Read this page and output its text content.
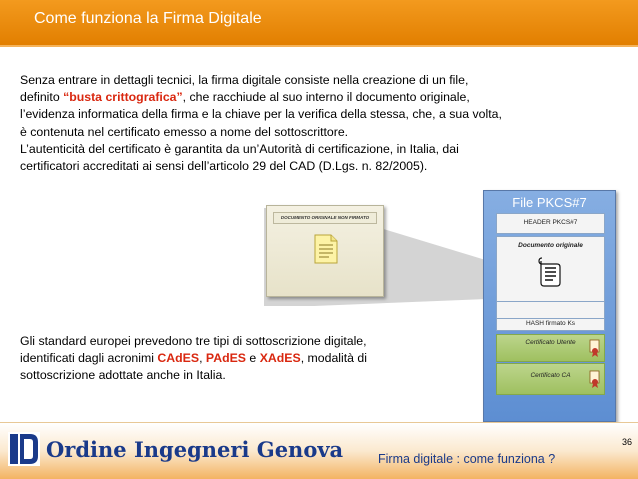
Come funziona la Firma Digitale

Senza entrare in dettagli tecnici, la firma digitale consiste nella creazione di un file,

definito “busta crittografica”, che racchiude al suo interno il documento originale,

l’evidenza informatica della firma e la chiave per la verifica della stessa, che, a sua volta,

è contenuta nel certificato emesso a nome del sottoscrittore.

L’autenticità del certificato è garantita da un’Autorità di certificazione, in Italia, dai

certificatori accreditati ai sensi dell’articolo 29 del CAD (D.Lgs. n. 82/2005).

DOCUMENTO ORIGINALE NON FIRMATO
File PKCS#7
HEADER PKCS#7
Documento originale
HASH firmato Ks
Certificato Utente
Certificato CA
Gli standard europei prevedono tre tipi di sottoscrizione digitale,
identificati dagli acronimi CAdES, PAdES e XAdES, modalità di
sottoscrizione adottate anche in Italia.
Ordine Ingegneri Genova	36
Firma digitale : come funziona ?
